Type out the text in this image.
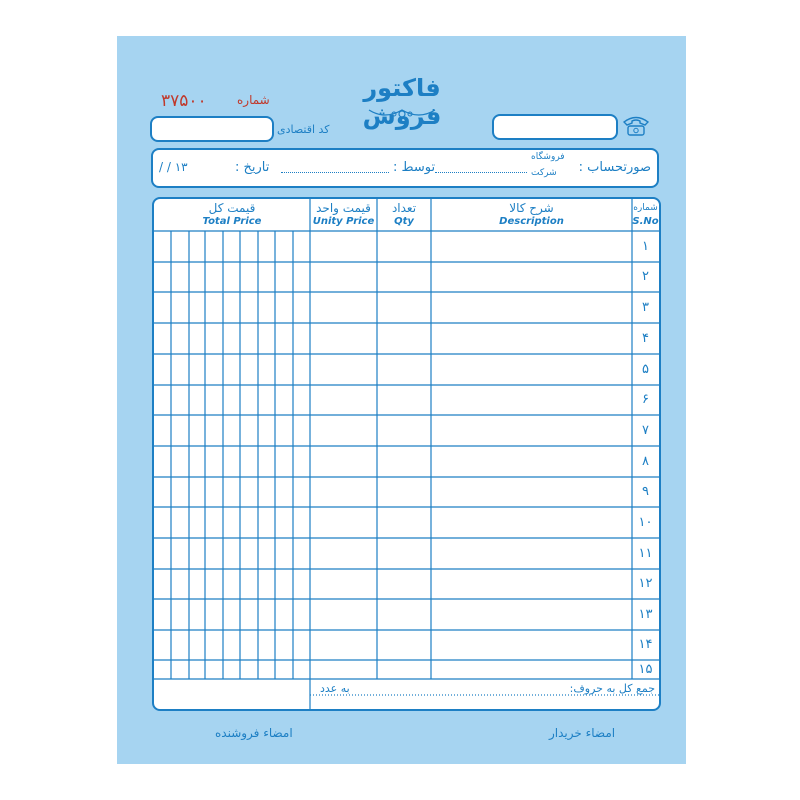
فاکتور فروش
۳۷۵۰۰	شماره
کد اقتصادی
صورتحساب :
فروشگاه
شرکت
توسط :
تاریخ :
۱۳ / /
شماره
S.No
شرح کالا
Description
تعداد
Qty
قیمت واحد
Unity Price
قیمت کل
Total Price
۱
۲
۳
۴
۵
۶
۷
۸
۹
۱۰
۱۱
۱۲
۱۳
۱۴
۱۵
جمع کل به حروف:
به عدد
امضاء خریدار
امضاء فروشنده
